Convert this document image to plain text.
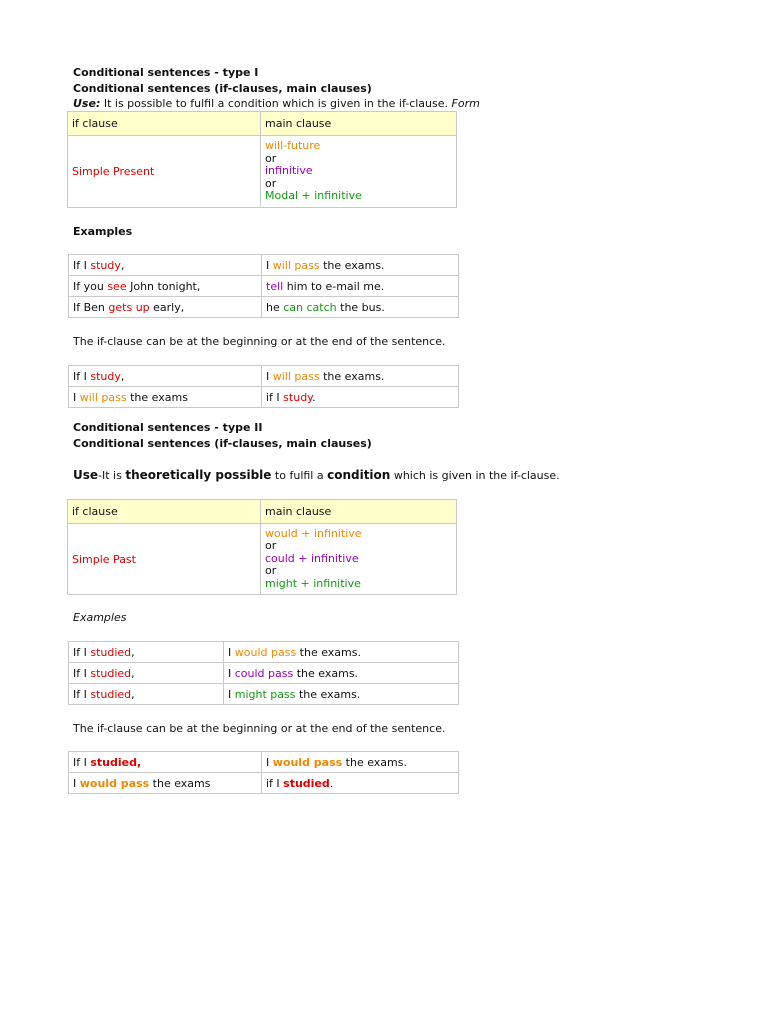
Conditional sentences - type I
Conditional sentences (if-clauses, main clauses)
Use: It is possible to fulfil a condition which is given in the if-clause. Form
if clause	main clause
Simple Present	will-future
or
infinitive
or
Modal + infinitive
Examples
If I study,	I will pass the exams.
If you see John tonight,	tell him to e-mail me.
If Ben gets up early,	he can catch the bus.
The if-clause can be at the beginning or at the end of the sentence.
If I study,	I will pass the exams.
I will pass the exams	if I study.
Conditional sentences - type II
Conditional sentences (if-clauses, main clauses)
Use-It is theoretically possible to fulfil a condition which is given in the if-clause.
if clause	main clause
Simple Past	would + infinitive
or
could + infinitive
or
might + infinitive
Examples
If I studied,	I would pass the exams.
If I studied,	I could pass the exams.
If I studied,	I might pass the exams.
The if-clause can be at the beginning or at the end of the sentence.
If I studied,	I would pass the exams.
I would pass the exams	if I studied.
